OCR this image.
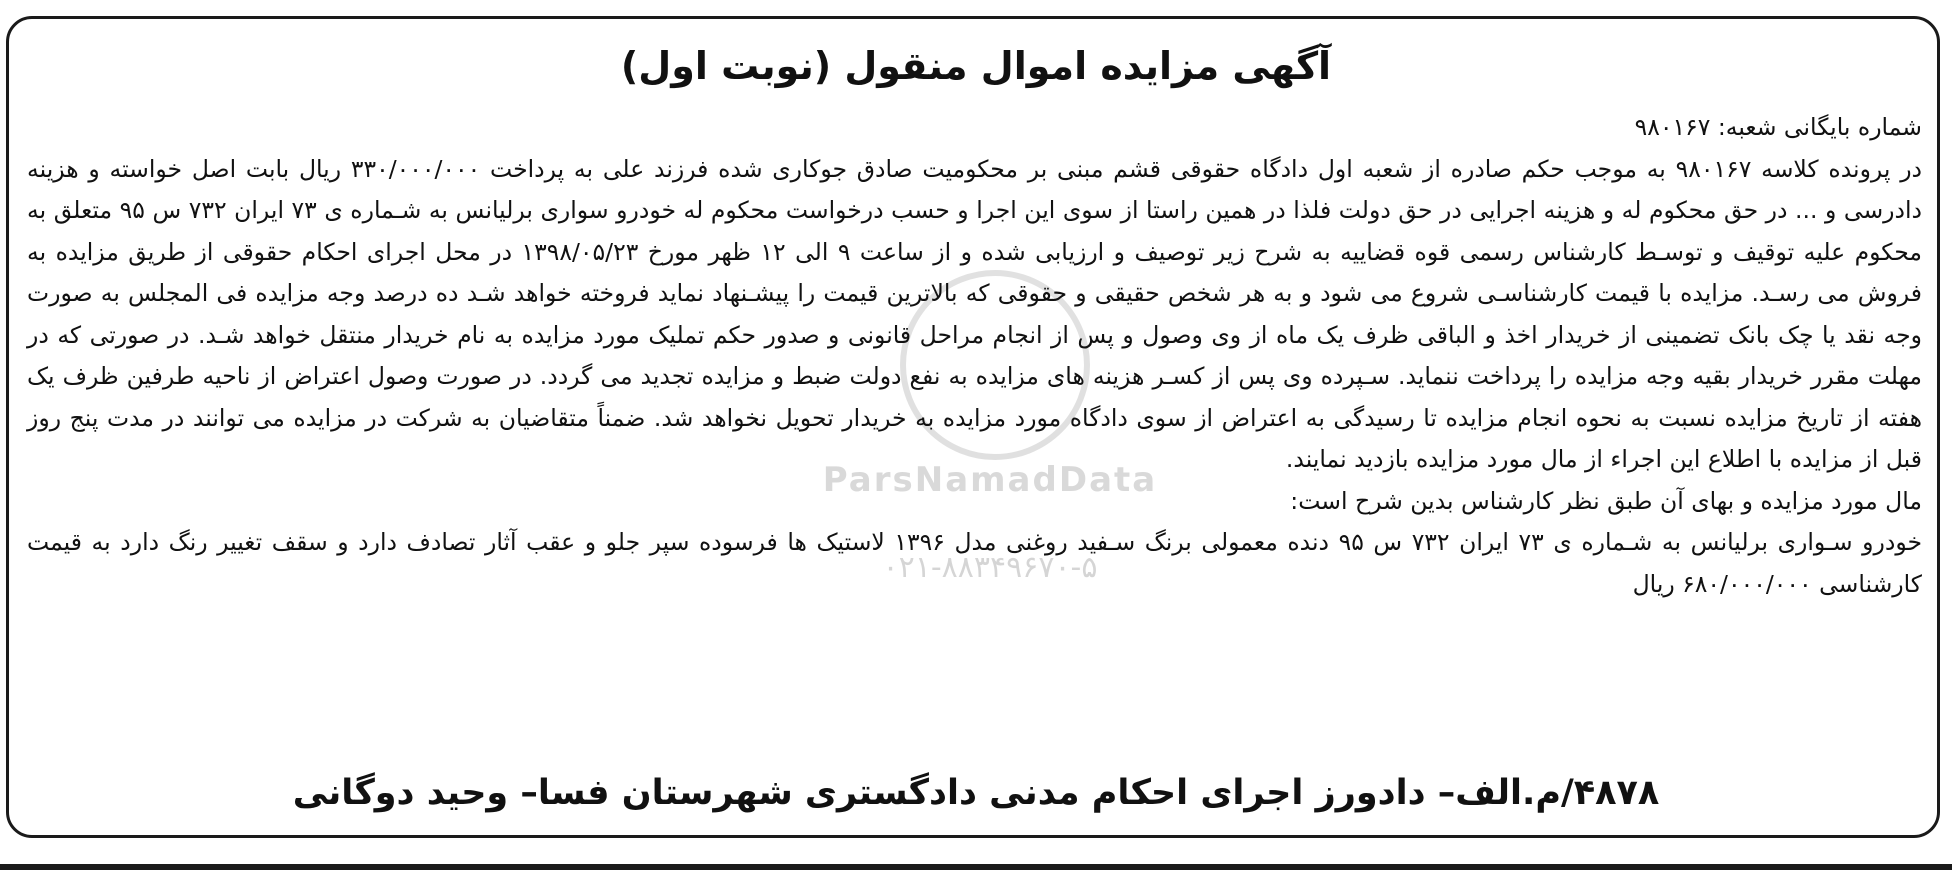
ParsNamadData
۰۲۱-۸۸۳۴۹۶۷۰-۵
آگهی مزایده اموال منقول (نوبت اول)

شماره بایگانی شعبه: ۹۸۰۱۶۷

در پرونده کلاسه ۹۸۰۱۶۷ به موجب حکم صادره از شعبه اول دادگاه حقوقی قشم مبنی بر محکومیت صادق جوکاری شده فرزند علی به پرداخت ۳۳۰/۰۰۰/۰۰۰ ریال بابت اصل خواسته و هزینه دادرسی و ... در حق محکوم له و هزینه اجرایی در حق دولت فلذا در همین راستا از سوی این اجرا و حسب درخواست محکوم له خودرو سواری برلیانس به شـماره ی ۷۳ ایران ۷۳۲ س ۹۵ متعلق به محکوم علیه توقیف و توسـط کارشناس رسمی قوه قضاییه به شرح زیر توصیف و ارزیابی شده و از ساعت ۹ الی ۱۲ ظهر مورخ ۱۳۹۸/۰۵/۲۳ در محل اجرای احکام حقوقی از طریق مزایده به فروش می رسـد. مزایده با قیمت کارشناسـی شروع می شود و به هر شخص حقیقی و حقوقی که بالاترین قیمت را پیشـنهاد نماید فروخته خواهد شـد ده درصد وجه مزایده فی المجلس به صورت وجه نقد یا چک بانک تضمینی از خریدار اخذ و الباقی ظرف یک ماه از وی وصول و پس از انجام مراحل قانونی و صدور حکم تملیک مورد مزایده به نام خریدار منتقل خواهد شـد. در صورتی که در مهلت مقرر خریدار بقیه وجه مزایده را پرداخت ننماید. سـپرده وی پس از کسـر هزینه های مزایده به نفع دولت ضبط و مزایده تجدید می گردد. در صورت وصول اعتراض از ناحیه طرفین ظرف یک هفته از تاریخ مزایده نسبت به نحوه انجام مزایده تا رسیدگی به اعتراض از سوی دادگاه مورد مزایده به خریدار تحویل نخواهد شد. ضمناً متقاضیان به شرکت در مزایده می توانند در مدت پنج روز قبل از مزایده با اطلاع این اجراء از مال مورد مزایده بازدید نمایند.

مال مورد مزایده و بهای آن طبق نظر کارشناس بدین شرح است:

خودرو سـواری برلیانس به شـماره ی ۷۳ ایران ۷۳۲ س ۹۵ دنده معمولی برنگ سـفید روغنی مدل ۱۳۹۶ لاستیک ها فرسوده سپر جلو و عقب آثار تصادف دارد و سقف تغییر رنگ دارد به قیمت کارشناسی ۶۸۰/۰۰۰/۰۰۰ ریال

۴۸۷۸/م.الف– دادورز اجرای احکام مدنی دادگستری شهرستان فسا– وحید دوگانی
